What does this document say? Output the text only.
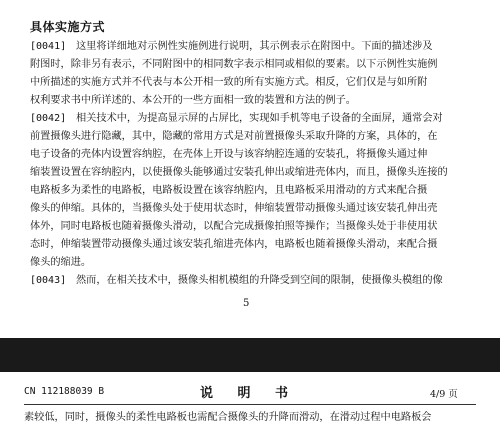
具体实施方式
[0041] 这里将详细地对示例性实施例进行说明，其示例表示在附图中。下面的描述涉及
附图时，除非另有表示，不同附图中的相同数字表示相同或相似的要素。以下示例性实施例
中所描述的实施方式并不代表与本公开相一致的所有实施方式。相反，它们仅是与如所附
权利要求书中所详述的、本公开的一些方面相一致的装置和方法的例子。
[0042] 相关技术中，为提高显示屏的占屏比，实现如手机等电子设备的全面屏，通常会对
前置摄像头进行隐藏，其中，隐藏的常用方式是对前置摄像头采取升降的方案，具体的，在
电子设备的壳体内设置容纳腔，在壳体上开设与该容纳腔连通的安装孔，将摄像头通过伸
缩装置设置在容纳腔内，以使摄像头能够通过安装孔伸出或缩进壳体内，而且，摄像头连接的
电路板多为柔性的电路板，电路板设置在该容纳腔内，且电路板采用滑动的方式来配合摄
像头的伸缩。具体的，当摄像头处于使用状态时，伸缩装置带动摄像头通过该安装孔伸出壳
体外，同时电路板也随着摄像头滑动，以配合完成摄像拍照等操作；当摄像头处于非使用状
态时，伸缩装置带动摄像头通过该安装孔缩进壳体内，电路板也随着摄像头滑动，来配合摄
像头的缩进。
[0043] 然而，在相关技术中，摄像头相机模组的升降受到空间的限制，使摄像头模组的像
5
CN 112188039 B	说 明 书	4/9 页
素较低，同时，摄像头的柔性电路板也需配合摄像头的升降而滑动，在滑动过程中电路板会
